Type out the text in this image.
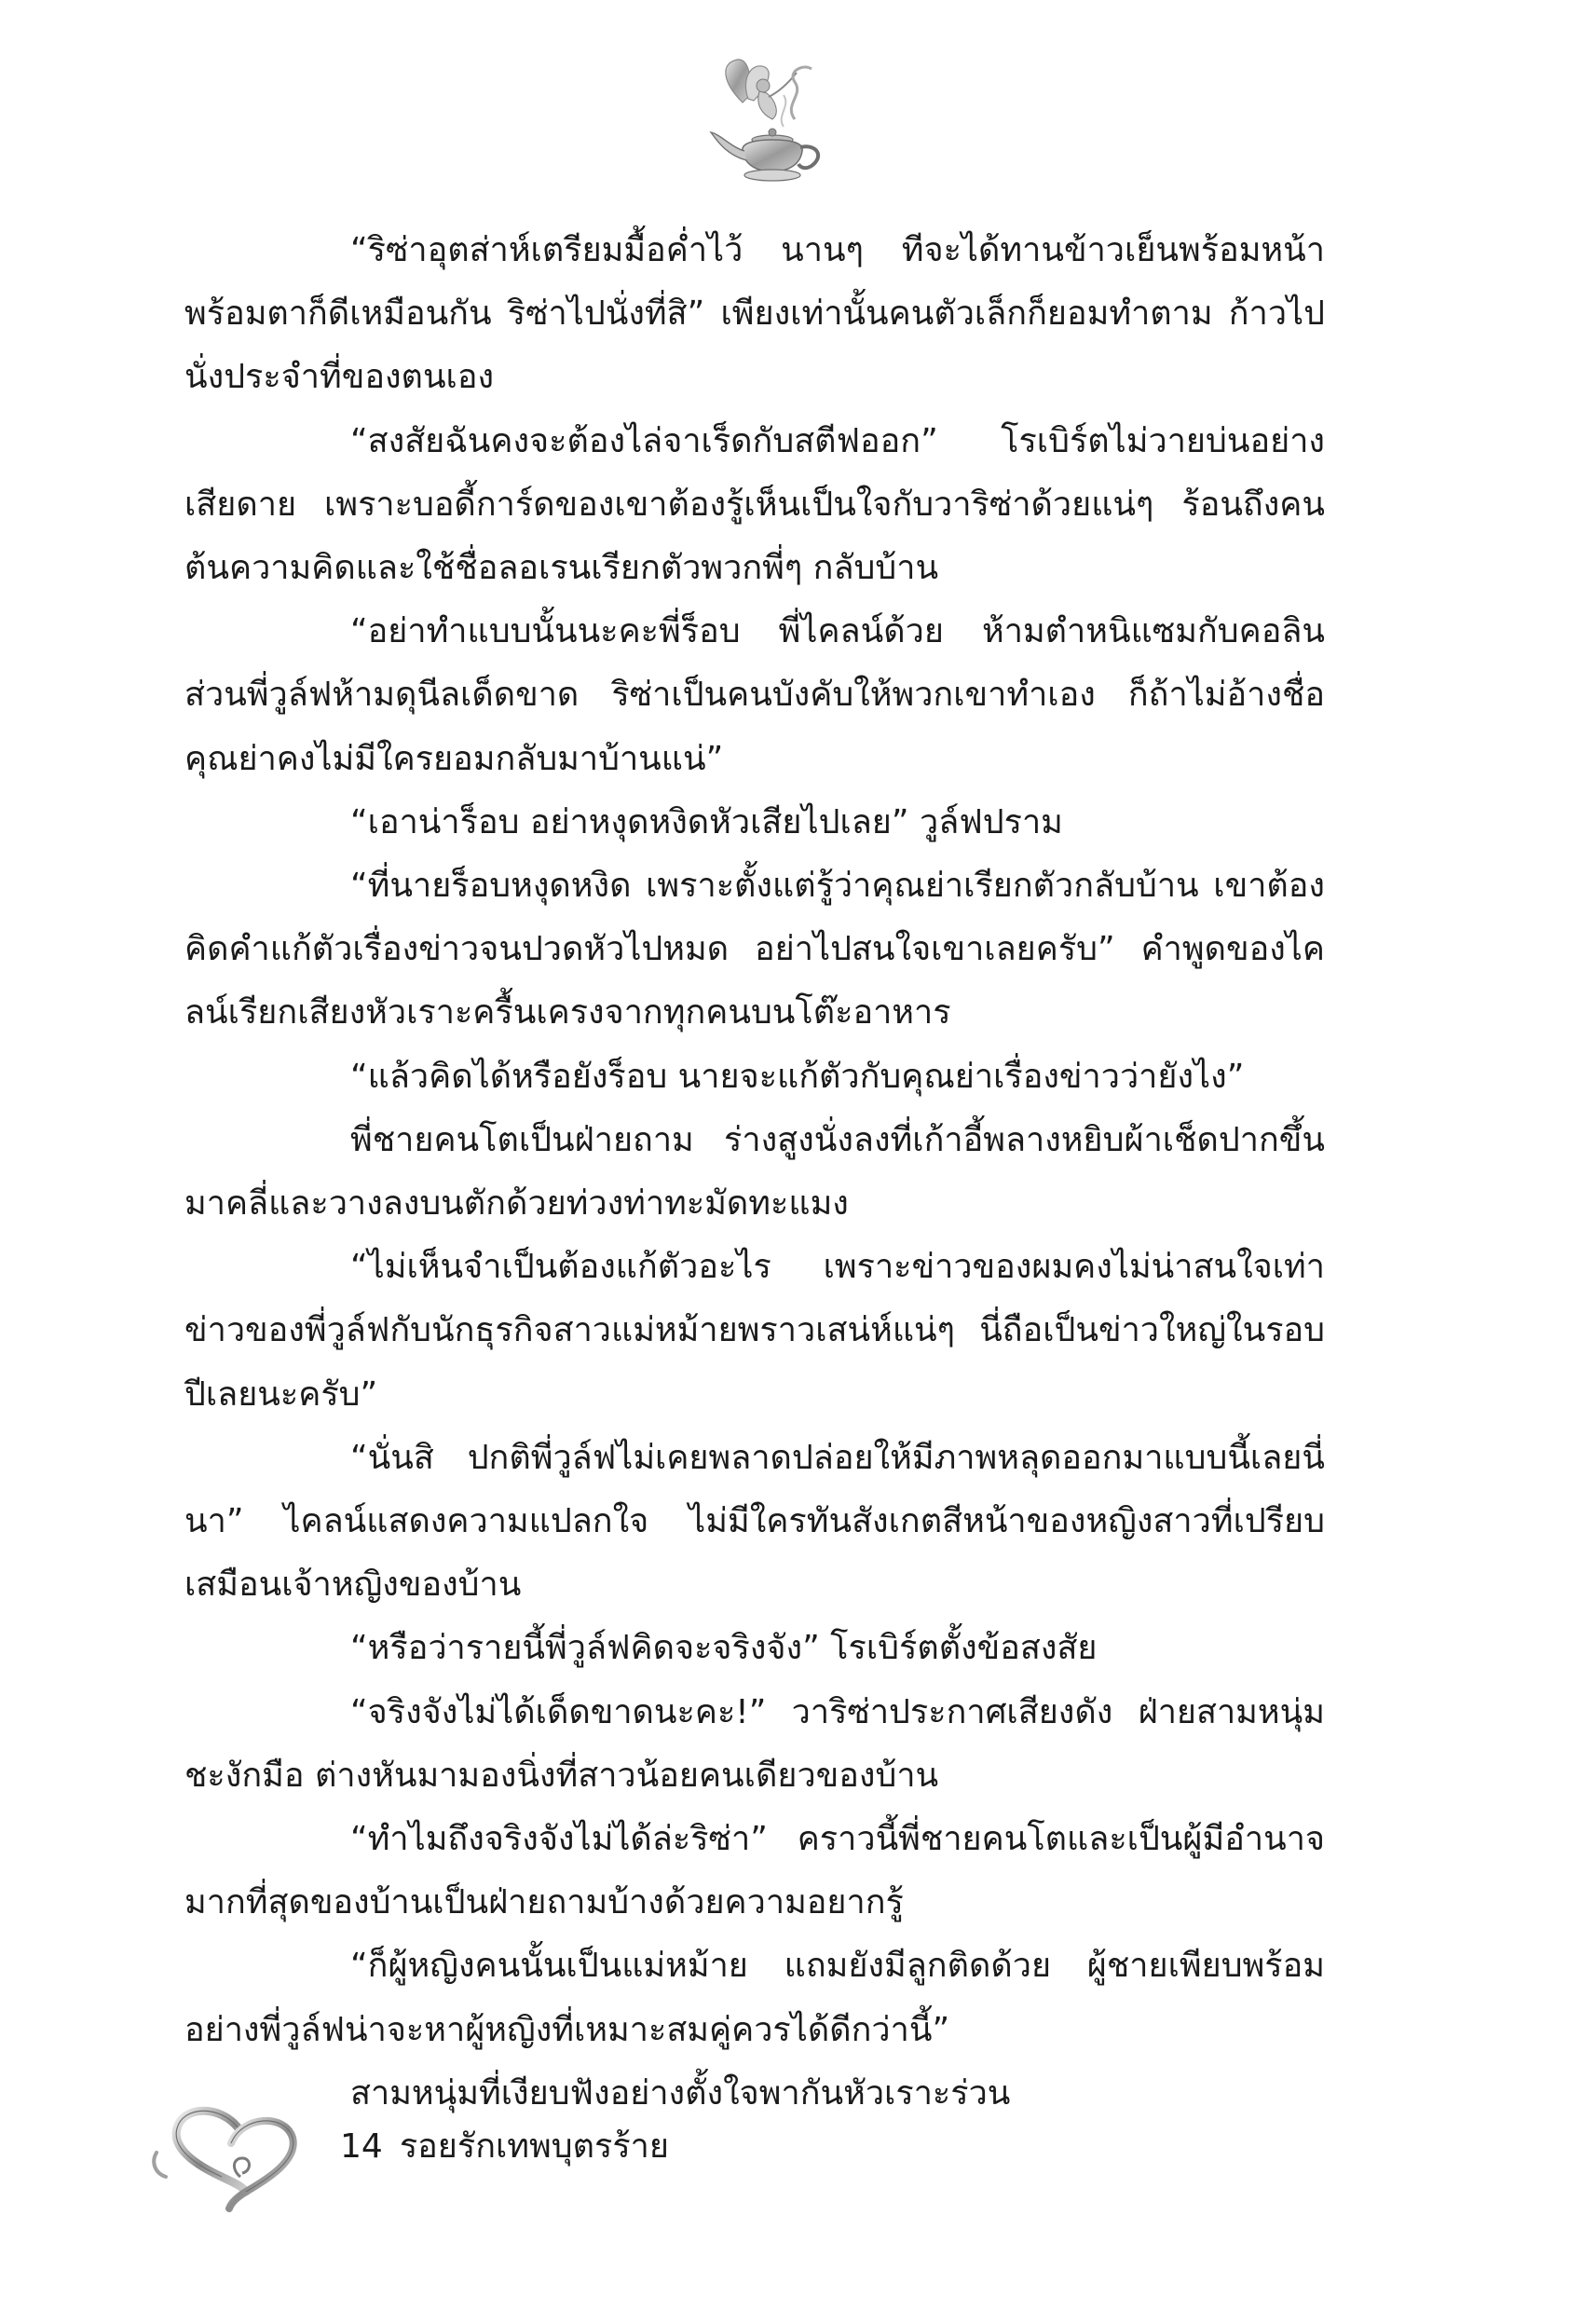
“ริซ่าอุตส่าห์เตรียมมื้อค่ำไว้ นานๆ ทีจะได้ทานข้าวเย็นพร้อมหน้าพร้อมตาก็ดีเหมือนกัน ริซ่าไปนั่งที่สิ” เพียงเท่านั้นคนตัวเล็กก็ยอมทำตาม ก้าวไปนั่งประจำที่ของตนเอง

“สงสัยฉันคงจะต้องไล่จาเร็ดกับสตีฟออก” โรเบิร์ตไม่วายบ่นอย่างเสียดาย เพราะบอดี้การ์ดของเขาต้องรู้เห็นเป็นใจกับวาริซ่าด้วยแน่ๆ ร้อนถึงคนต้นความคิดและใช้ชื่อลอเรนเรียกตัวพวกพี่ๆ กลับบ้าน

“อย่าทำแบบนั้นนะคะพี่ร็อบ พี่ไคลน์ด้วย ห้ามตำหนิแซมกับคอลินส่วนพี่วูล์ฟห้ามดุนีลเด็ดขาด ริซ่าเป็นคนบังคับให้พวกเขาทำเอง ก็ถ้าไม่อ้างชื่อคุณย่าคงไม่มีใครยอมกลับมาบ้านแน่”

“เอาน่าร็อบ อย่าหงุดหงิดหัวเสียไปเลย” วูล์ฟปราม

“ที่นายร็อบหงุดหงิด เพราะตั้งแต่รู้ว่าคุณย่าเรียกตัวกลับบ้าน เขาต้องคิดคำแก้ตัวเรื่องข่าวจนปวดหัวไปหมด อย่าไปสนใจเขาเลยครับ” คำพูดของไคลน์เรียกเสียงหัวเราะครื้นเครงจากทุกคนบนโต๊ะอาหาร

“แล้วคิดได้หรือยังร็อบ นายจะแก้ตัวกับคุณย่าเรื่องข่าวว่ายังไง”

พี่ชายคนโตเป็นฝ่ายถาม ร่างสูงนั่งลงที่เก้าอี้พลางหยิบผ้าเช็ดปากขึ้นมาคลี่และวางลงบนตักด้วยท่วงท่าทะมัดทะแมง

“ไม่เห็นจำเป็นต้องแก้ตัวอะไร เพราะข่าวของผมคงไม่น่าสนใจเท่าข่าวของพี่วูล์ฟกับนักธุรกิจสาวแม่หม้ายพราวเสน่ห์แน่ๆ นี่ถือเป็นข่าวใหญ่ในรอบปีเลยนะครับ”

“นั่นสิ ปกติพี่วูล์ฟไม่เคยพลาดปล่อยให้มีภาพหลุดออกมาแบบนี้เลยนี่นา” ไคลน์แสดงความแปลกใจ ไม่มีใครทันสังเกตสีหน้าของหญิงสาวที่เปรียบเสมือนเจ้าหญิงของบ้าน

“หรือว่ารายนี้พี่วูล์ฟคิดจะจริงจัง” โรเบิร์ตตั้งข้อสงสัย

“จริงจังไม่ได้เด็ดขาดนะคะ!” วาริซ่าประกาศเสียงดัง ฝ่ายสามหนุ่มชะงักมือ ต่างหันมามองนิ่งที่สาวน้อยคนเดียวของบ้าน

“ทำไมถึงจริงจังไม่ได้ล่ะริซ่า” คราวนี้พี่ชายคนโตและเป็นผู้มีอำนาจมากที่สุดของบ้านเป็นฝ่ายถามบ้างด้วยความอยากรู้

“ก็ผู้หญิงคนนั้นเป็นแม่หม้าย แถมยังมีลูกติดด้วย ผู้ชายเพียบพร้อมอย่างพี่วูล์ฟน่าจะหาผู้หญิงที่เหมาะสมคู่ควรได้ดีกว่านี้”

สามหนุ่มที่เงียบฟังอย่างตั้งใจพากันหัวเราะร่วน

14 รอยรักเทพบุตรร้าย
